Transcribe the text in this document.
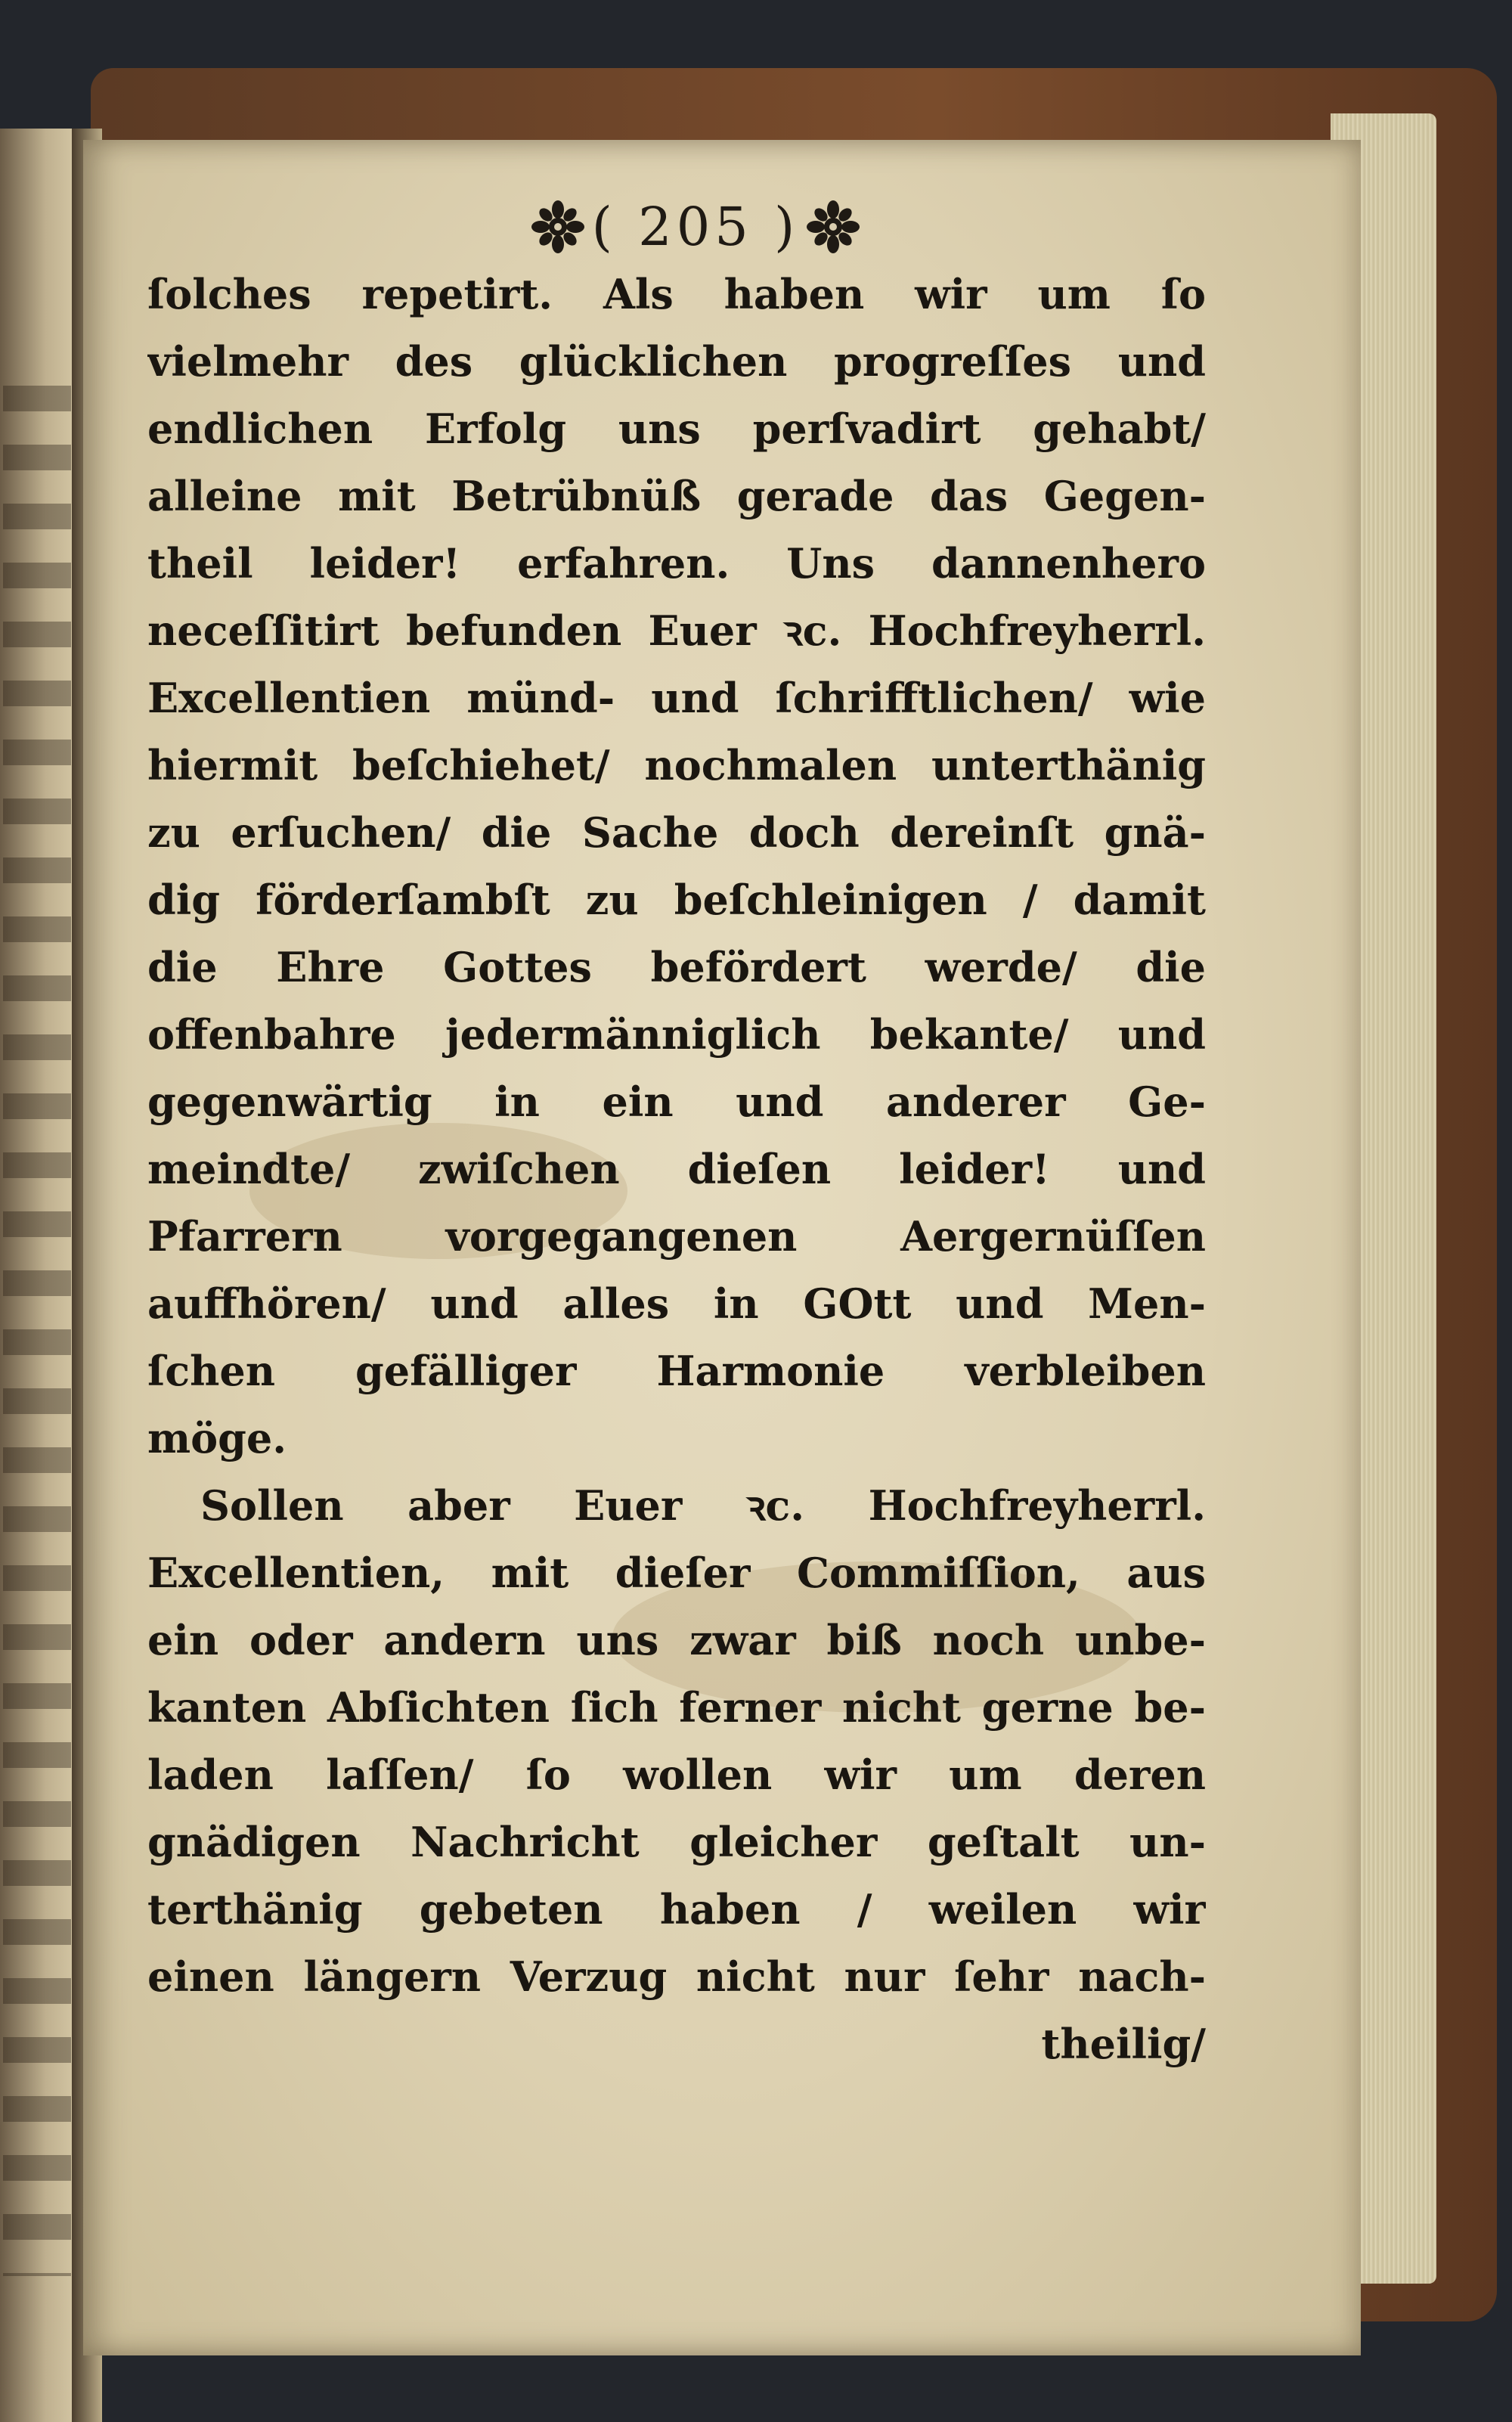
( 205 )
ſolches repetirt. Als haben wir um ſo
vielmehr des glücklichen progreſſes und
endlichen Erfolg uns perſvadirt gehabt/
alleine mit Betrübnüß gerade das Gegen-
theil leider! erfahren. Uns dannenhero
neceſſitirt befunden Euer ꝛc. Hochfreyherrl.
Excellentien münd- und ſchrifftlichen/ wie
hiermit beſchiehet/ nochmalen unterthänig
zu erſuchen/ die Sache doch dereinſt gnä-
dig förderſambſt zu beſchleinigen / damit
die Ehre Gottes befördert werde/ die
offenbahre jedermänniglich bekante/ und
gegenwärtig in ein und anderer Ge-
meindte/ zwiſchen dieſen leider! und
Pfarrern vorgegangenen Aergernüſſen
auffhören/ und alles in GOtt und Men-
ſchen gefälliger Harmonie verbleiben
möge.
Sollen aber Euer ꝛc. Hochfreyherrl.
Excellentien, mit dieſer Commiſſion, aus
ein oder andern uns zwar biß noch unbe-
kanten Abſichten ſich ferner nicht gerne be-
laden laſſen/ ſo wollen wir um deren
gnädigen Nachricht gleicher geſtalt un-
terthänig gebeten haben / weilen wir
einen längern Verzug nicht nur ſehr nach-
theilig/
